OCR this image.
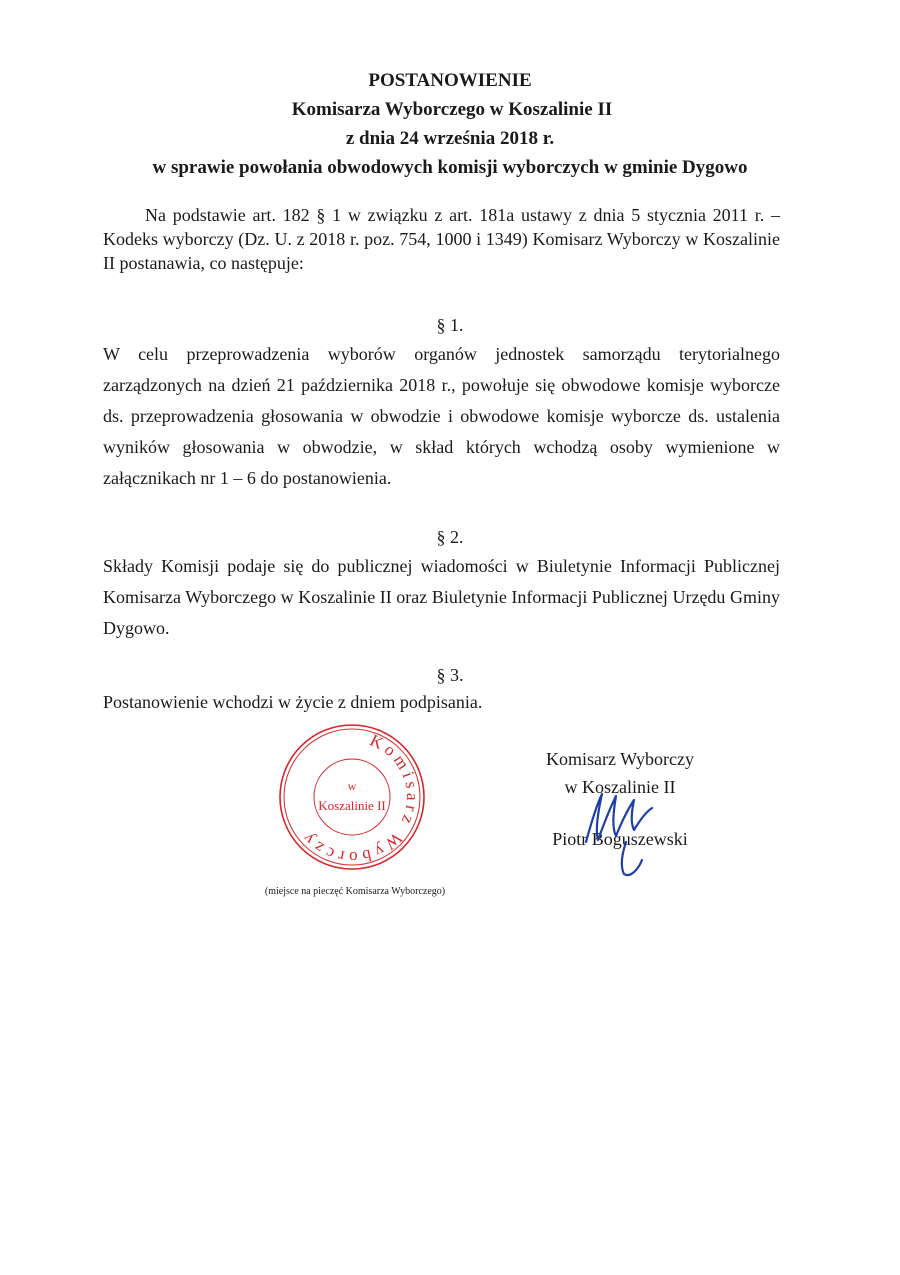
POSTANOWIENIE
Komisarza Wyborczego w Koszalinie II
z dnia 24 września 2018 r.
w sprawie powołania obwodowych komisji wyborczych w gminie Dygowo

Na podstawie art. 182 § 1 w związku z art. 181a ustawy z dnia 5 stycznia 2011 r. – Kodeks wyborczy (Dz. U. z 2018 r. poz. 754, 1000 i 1349) Komisarz Wyborczy w Koszalinie II postanawia, co następuje:

§ 1.
W celu przeprowadzenia wyborów organów jednostek samorządu terytorialnego zarządzonych na dzień 21 października 2018 r., powołuje się obwodowe komisje wyborcze ds. przeprowadzenia głosowania w obwodzie i obwodowe komisje wyborcze ds. ustalenia wyników głosowania w obwodzie, w skład których wchodzą osoby wymienione w załącznikach nr 1 – 6 do postanowienia.
§ 2.
Składy Komisji podaje się do publicznej wiadomości w Biuletynie Informacji Publicznej Komisarza Wyborczego w Koszalinie II oraz Biuletynie Informacji Publicznej Urzędu Gminy Dygowo.
§ 3.
Postanowienie wchodzi w życie z dniem podpisania.
Komisarz Wyborczy
w
Koszalinie II
(miejsce na pieczęć Komisarza Wyborczego)
Komisarz Wyborczy
w Koszalinie II
Piotr Boguszewski
